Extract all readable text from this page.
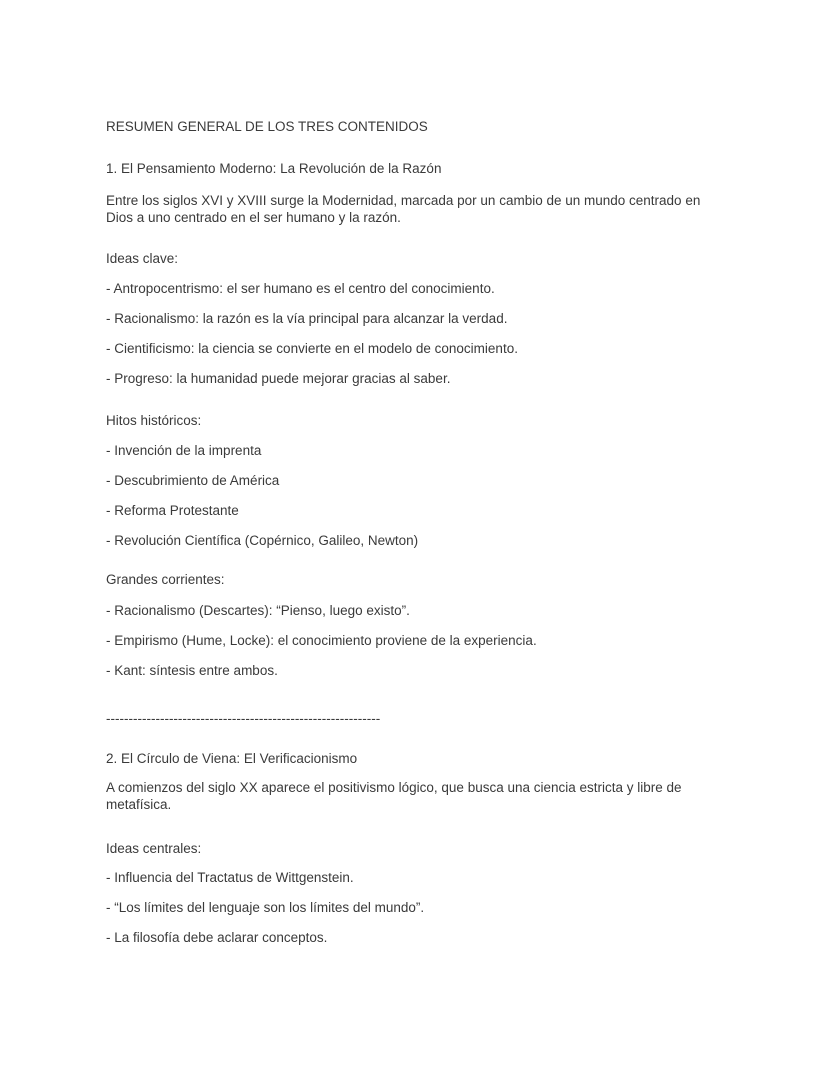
RESUMEN GENERAL DE LOS TRES CONTENIDOS
1. El Pensamiento Moderno: La Revolución de la Razón
Entre los siglos XVI y XVIII surge la Modernidad, marcada por un cambio de un mundo centrado en
Dios a uno centrado en el ser humano y la razón.
Ideas clave:
- Antropocentrismo: el ser humano es el centro del conocimiento.
- Racionalismo: la razón es la vía principal para alcanzar la verdad.
- Cientificismo: la ciencia se convierte en el modelo de conocimiento.
- Progreso: la humanidad puede mejorar gracias al saber.
Hitos históricos:
- Invención de la imprenta
- Descubrimiento de América
- Reforma Protestante
- Revolución Científica (Copérnico, Galileo, Newton)
Grandes corrientes:
- Racionalismo (Descartes): “Pienso, luego existo”.
- Empirismo (Hume, Locke): el conocimiento proviene de la experiencia.
- Kant: síntesis entre ambos.
-------------------------------------------------------------
2. El Círculo de Viena: El Verificacionismo
A comienzos del siglo XX aparece el positivismo lógico, que busca una ciencia estricta y libre de
metafísica.
Ideas centrales:
- Influencia del Tractatus de Wittgenstein.
- “Los límites del lenguaje son los límites del mundo”.
- La filosofía debe aclarar conceptos.
